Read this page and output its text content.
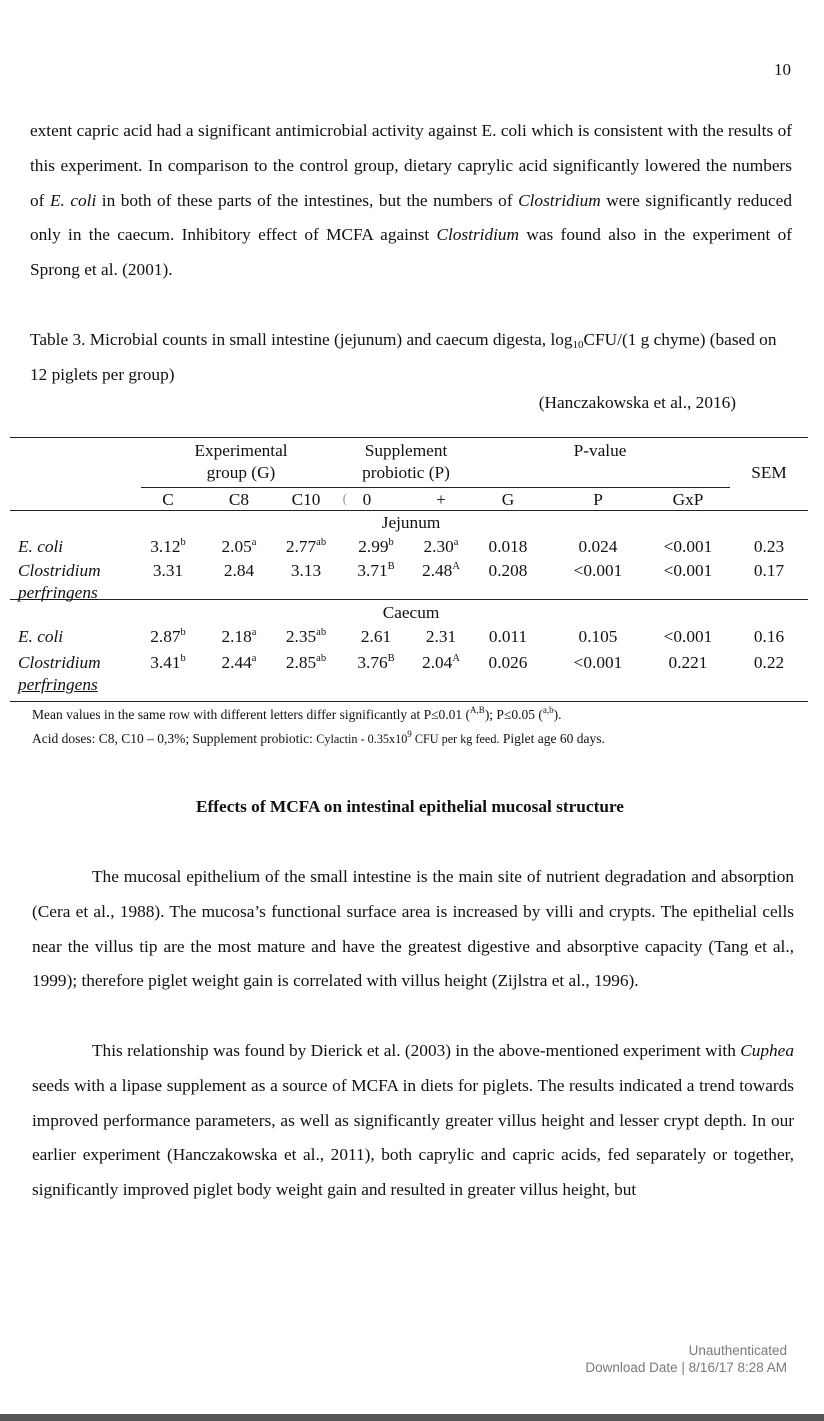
10

extent capric acid had a significant antimicrobial activity against E. coli which is consistent with the results of this experiment. In comparison to the control group, dietary caprylic acid significantly lowered the numbers of E. coli in both of these parts of the intestines, but the numbers of Clostridium were significantly reduced only in the caecum. Inhibitory effect of MCFA against Clostridium was found also in the experiment of Sprong et al. (2001).

Table 3. Microbial counts in small intestine (jejunum) and caecum digesta, $\log_{10}CFU/(1$ g chyme) (based on 12 piglets per group)
(Hanczakowska et al., 2016)
Experimental
group (G)
Supplement
probiotic (P)
P-value
SEM
C	C8	C10	( 0	+	G	P	GxP
Jejunum
E. coli	3.12$^b$	2.05$^a$	2.77$^{ab}$	2.99$^b$	2.30$^a$	0.018	0.024	<0.001	0.23
Clostridium
perfringens
3.31	2.84	3.13	$3.71^B$	$2.48^A$	0.208	<0.001	<0.001	0.17
Caecum
E. coli	2.87$^b$	2.18$^a$	2.35$^{ab}$	2.61	2.31	0.011	0.105	<0.001	0.16
Clostridium
perfringens
3.41$^b$	2.44$^a$	2.85$^{ab}$	$3.76^B$	$2.04^A$	0.026	<0.001	0.221	0.22
Mean values in the same row with different letters differ significantly at P≤0.01 ($^{A,B}$); P≤0.05 ($^{a,b}$).
Acid doses: C8, C10 – 0,3%; Supplement probiotic: Cylactin - $0.35x10^9$ CFU per kg feed. Piglet age 60 days.
Effects of MCFA on intestinal epithelial mucosal structure

The mucosal epithelium of the small intestine is the main site of nutrient degradation and absorption (Cera et al., 1988). The mucosa’s functional surface area is increased by villi and crypts. The epithelial cells near the villus tip are the most mature and have the greatest digestive and absorptive capacity (Tang et al., 1999); therefore piglet weight gain is correlated with villus height (Zijlstra et al., 1996).

This relationship was found by Dierick et al. (2003) in the above-mentioned experiment with Cuphea seeds with a lipase supplement as a source of MCFA in diets for piglets. The results indicated a trend towards improved performance parameters, as well as significantly greater villus height and lesser crypt depth. In our earlier experiment (Hanczakowska et al., 2011), both caprylic and capric acids, fed separately or together, significantly improved piglet body weight gain and resulted in greater villus height, but

Unauthenticated
Download Date | 8/16/17 8:28 AM
